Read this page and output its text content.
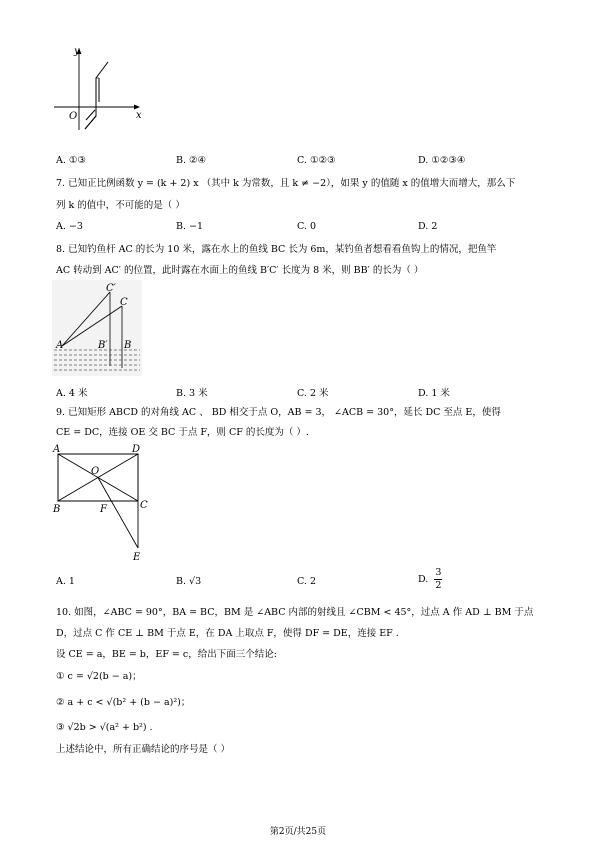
y
x
O
A. ①③	B. ②④	C. ①②③	D. ①②③④
7. 已知正比例函数 y = (k + 2) x （其中 k 为常数，且 k ≠ −2），如果 y 的值随 x 的值增大而增大，那么下
列 k 的值中，不可能的是（ ）
A. −3	B. −1	C. 0	D. 2
8. 已知钓鱼杆 AC 的长为 10 米，露在水上的鱼线 BC 长为 6m，某钓鱼者想看看鱼钩上的情况，把鱼竿
AC 转动到 AC′ 的位置，此时露在水面上的鱼线 B′C′ 长度为 8 米，则 BB′ 的长为（ ）
C′
C
A	B′ B
A. 4 米	B. 3 米	C. 2 米	D. 1 米
9. 已知矩形 ABCD 的对角线 AC 、 BD 相交于点 O，AB = 3， ∠ACB = 30°，延长 DC 至点 E，使得
CE = DC，连接 OE 交 BC 于点 F，则 CF 的长度为（ ）.
A	D
O
B	F	C
E
A. 1	B. √3	C. 2	D. $\frac{3}{2}$
10. 如图，∠ABC = 90°，BA = BC，BM 是 ∠ABC 内部的射线且 ∠CBM < 45°，过点 A 作 AD ⊥ BM 于点
D，过点 C 作 CE ⊥ BM 于点 E，在 DA 上取点 F，使得 DF = DE，连接 EF .
设 CE = a，BE = b，EF = c，给出下面三个结论:
① c = √2(b − a)；
② a + c < √(b² + (b − a)²)；
③ √2b > √(a² + b²) .
上述结论中，所有正确结论的序号是（ ）
第2页/共25页
